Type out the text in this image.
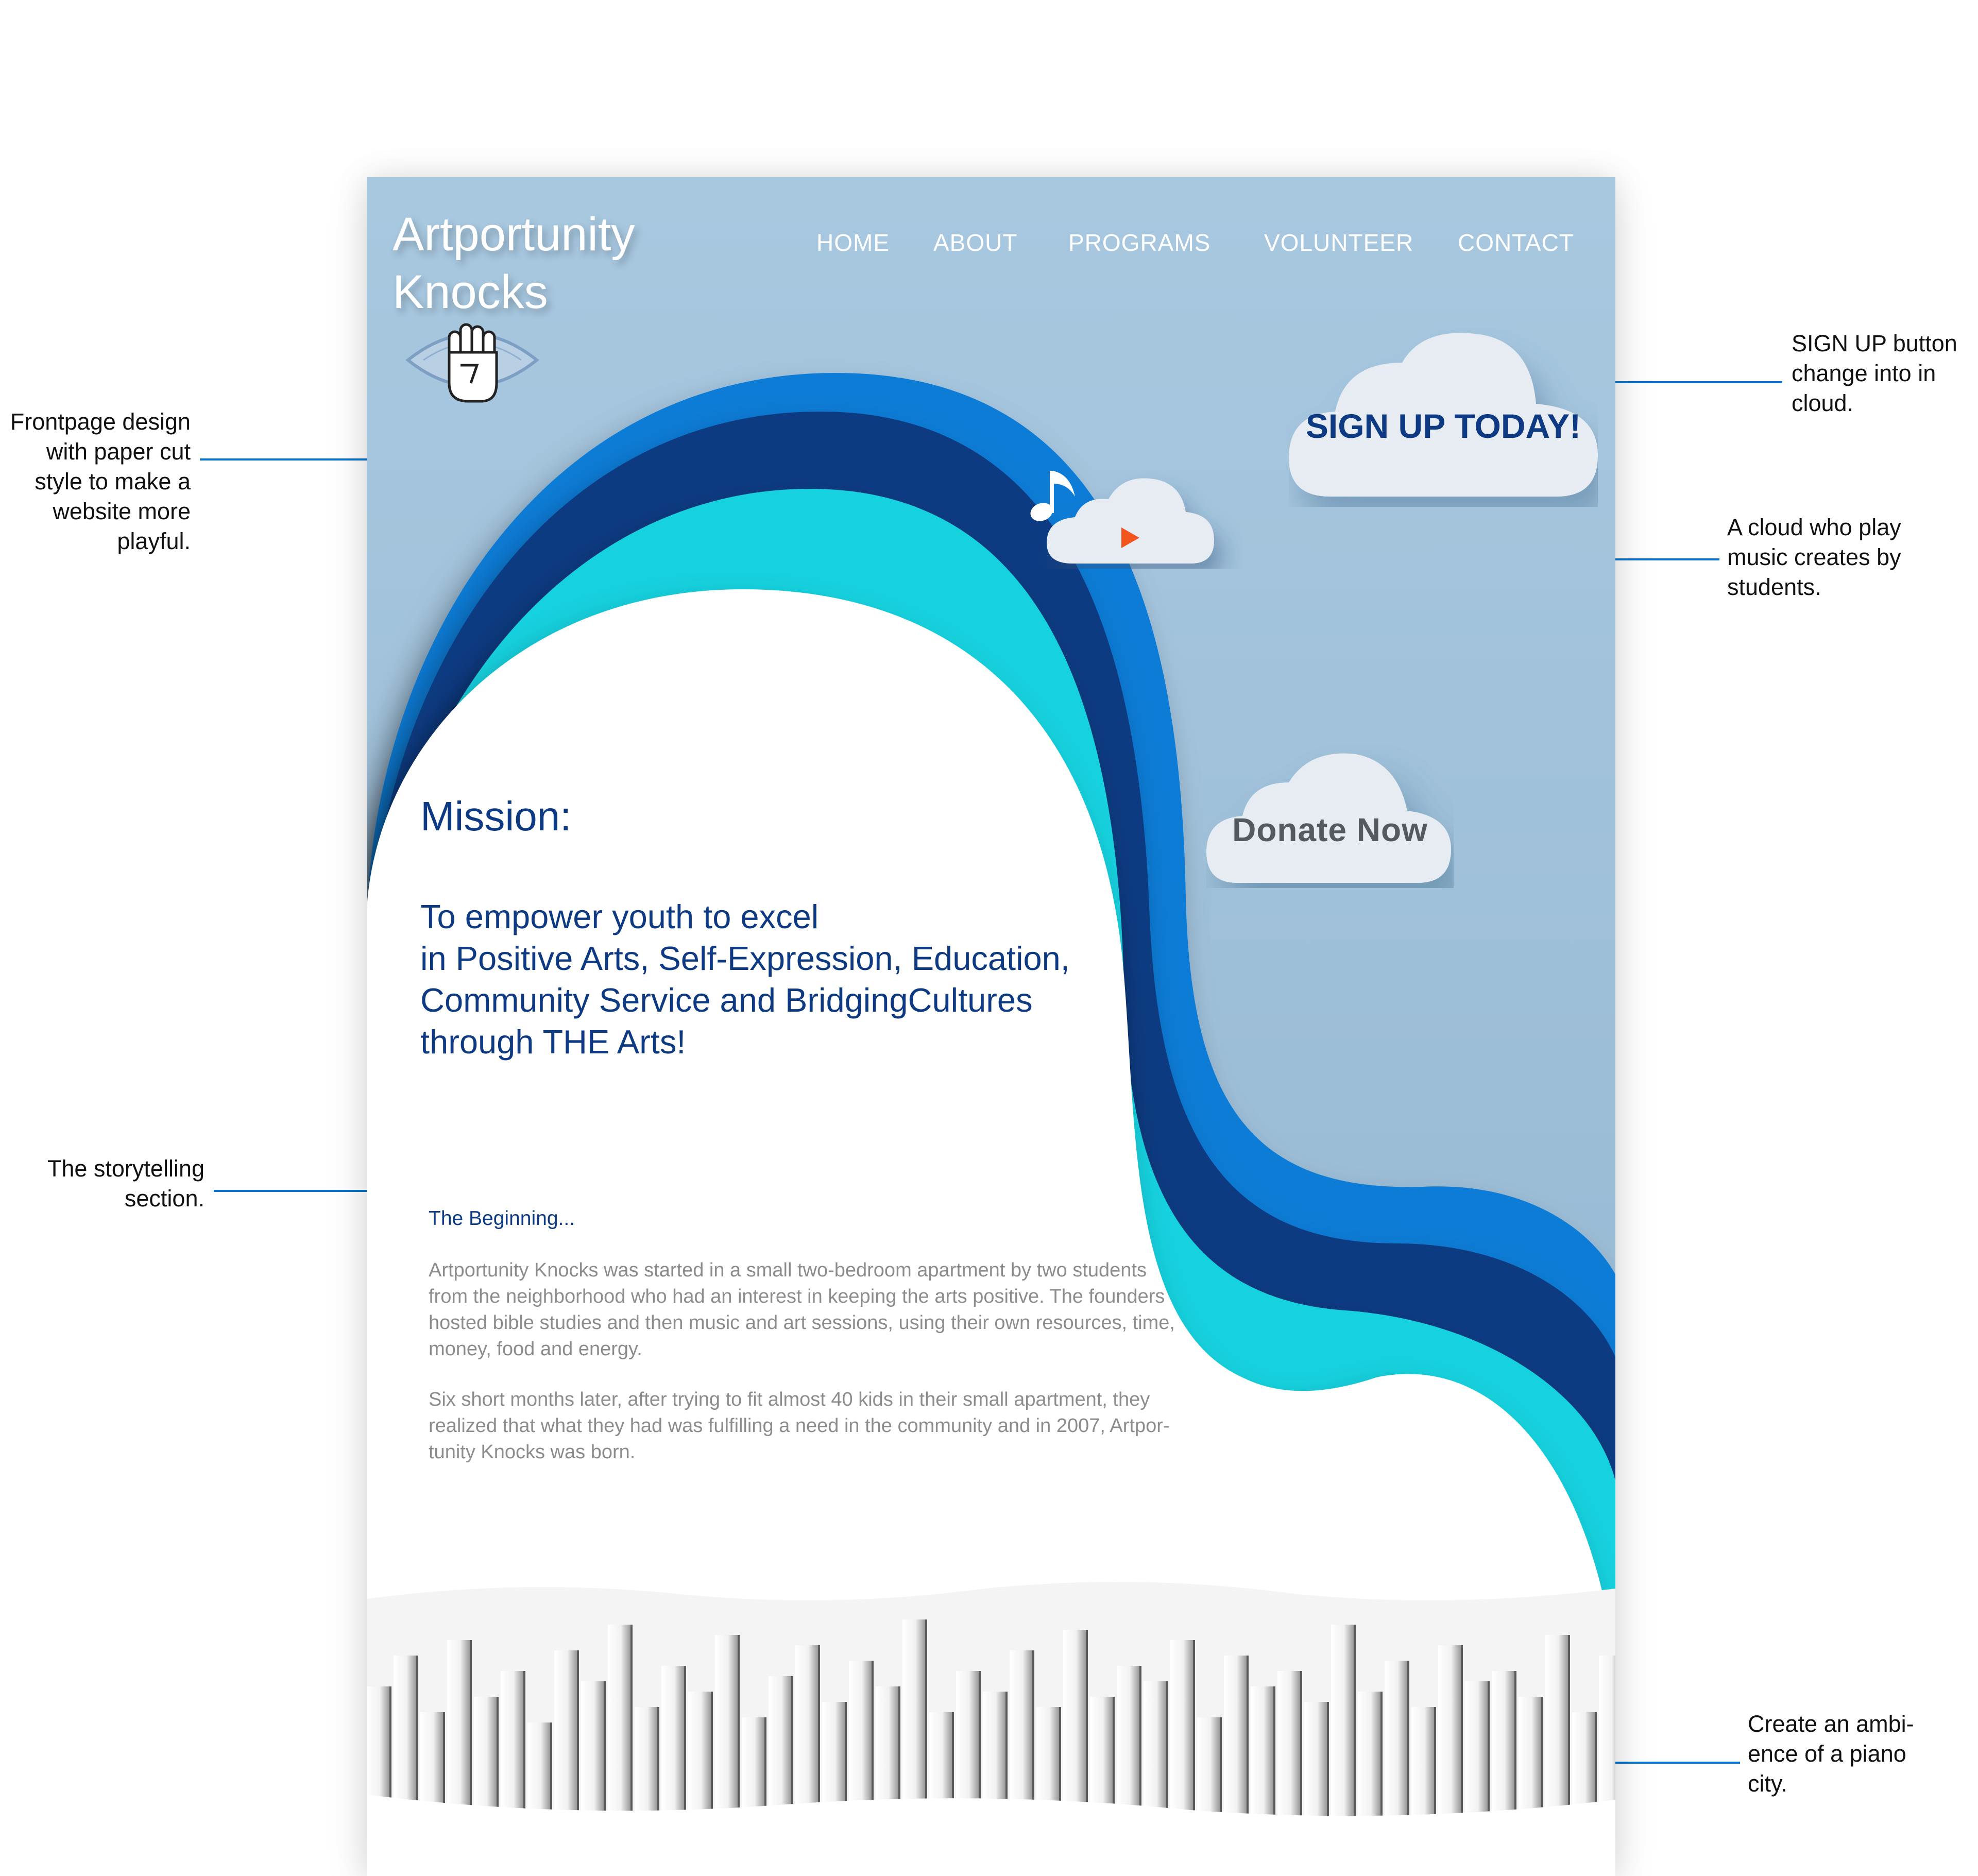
Frontpage design
with paper cut
style to make a
website more
playful.

The storytelling
section.

SIGN UP button
change into in
cloud.

A cloud who play
music creates by
students.

Create an ambi-
ence of a piano
city.

Artportunity
Knocks
HOME ABOUT PROGRAMS VOLUNTEER CONTACT
SIGN UP TODAY!
Donate Now
Mission:

To empower youth to excel
in Positive Arts, Self-Expression, Education,
Community Service and BridgingCultures
through THE Arts!

The Beginning...

Artportunity Knocks was started in a small two-bedroom apartment by two students
from the neighborhood who had an interest in keeping the arts positive. The founders
hosted bible studies and then music and art sessions, using their own resources, time,
money, food and energy.

Six short months later, after trying to fit almost 40 kids in their small apartment, they
realized that what they had was fulfilling a need in the community and in 2007, Artpor-
tunity Knocks was born.
